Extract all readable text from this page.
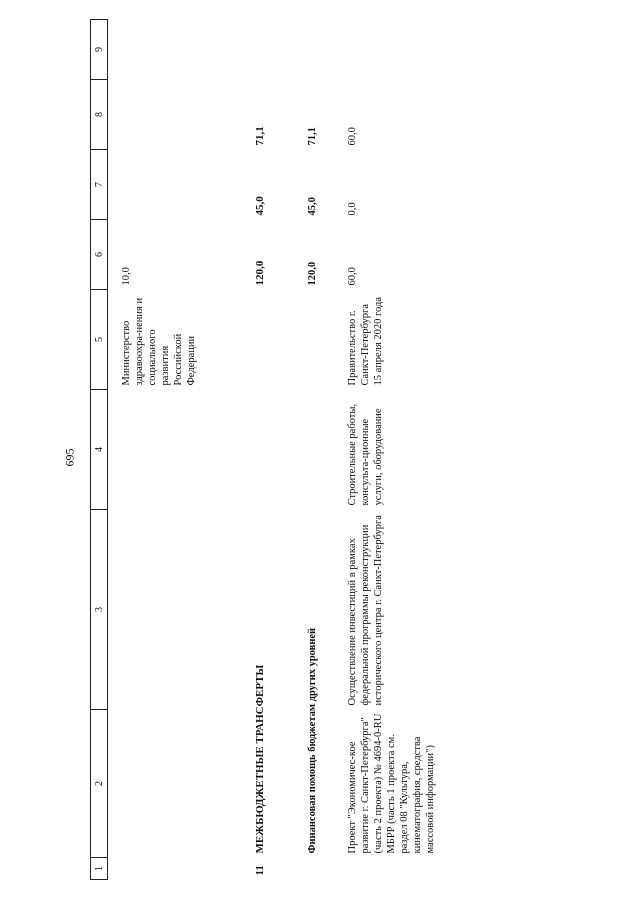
1	2	3	4	5	6	7	8	9
				Министерство здравоохра-нения и социального развития Российской Федерации	10,0			
11	МЕЖБЮДЖЕТНЫЕ ТРАНСФЕРТЫ				120,0	45,0	71,1	
	Финансовая помощь бюджетам других уровней				120,0	45,0	71,1	
	Проект "Экономичес-кое развитие г. Санкт-Петербурга" (часть 2 проекта) № 4694-0-RU МБРР (часть 1 проекта см. раздел 08 "Культура, кинематография, средства массовой информации")	Осуществление инвестиций в рамках федеральной программы реконструкции исторического центра г. Санкт-Петербурга	Строительные работы, консульта-ционные услуги, оборудование	Правительство г. Санкт-Петербурга 15 апреля 2020 года	60,0	0,0	60,0	
695
